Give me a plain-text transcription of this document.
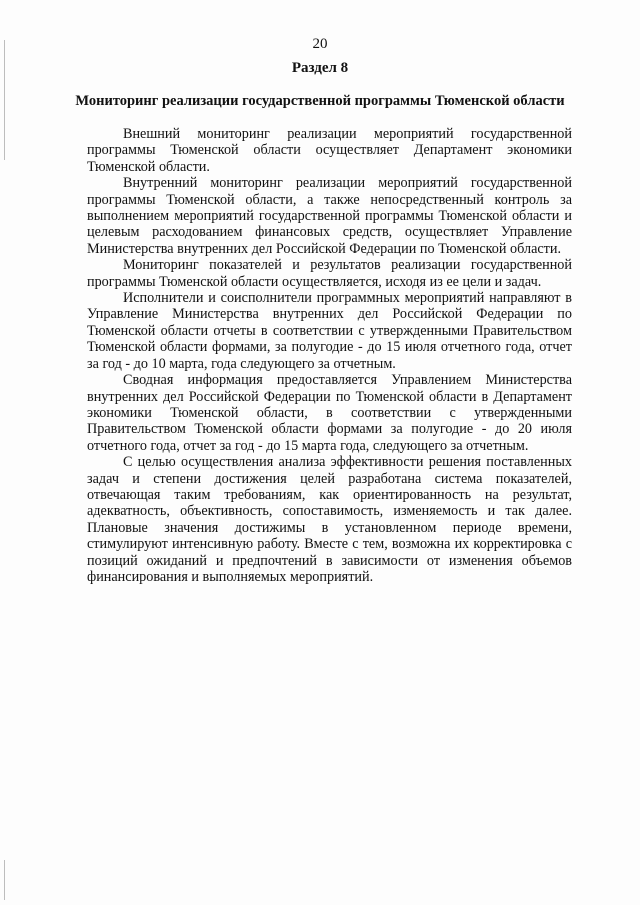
20
Раздел 8
Мониторинг реализации государственной программы Тюменской области

Внешний мониторинг реализации мероприятий государственной программы Тюменской области осуществляет Департамент экономики Тюменской области.

Внутренний мониторинг реализации мероприятий государственной программы Тюменской области, а также непосредственный контроль за выполнением мероприятий государственной программы Тюменской области и целевым расходованием финансовых средств, осуществляет Управление Министерства внутренних дел Российской Федерации по Тюменской области.

Мониторинг показателей и результатов реализации государственной программы Тюменской области осуществляется, исходя из ее цели и задач.

Исполнители и соисполнители программных мероприятий направляют в Управление Министерства внутренних дел Российской Федерации по Тюменской области отчеты в соответствии с утвержденными Правительством Тюменской области формами, за полугодие - до 15 июля отчетного года, отчет за год - до 10 марта, года следующего за отчетным.

Сводная информация предоставляется Управлением Министерства внутренних дел Российской Федерации по Тюменской области в Департамент экономики Тюменской области, в соответствии с утвержденными Правительством Тюменской области формами за полугодие - до 20 июля отчетного года, отчет за год - до 15 марта года, следующего за отчетным.

С целью осуществления анализа эффективности решения поставленных задач и степени достижения целей разработана система показателей, отвечающая таким требованиям, как ориентированность на результат, адекватность, объективность, сопоставимость, изменяемость и так далее. Плановые значения достижимы в установленном периоде времени, стимулируют интенсивную работу. Вместе с тем, возможна их корректировка с позиций ожиданий и предпочтений в зависимости от изменения объемов финансирования и выполняемых мероприятий.
